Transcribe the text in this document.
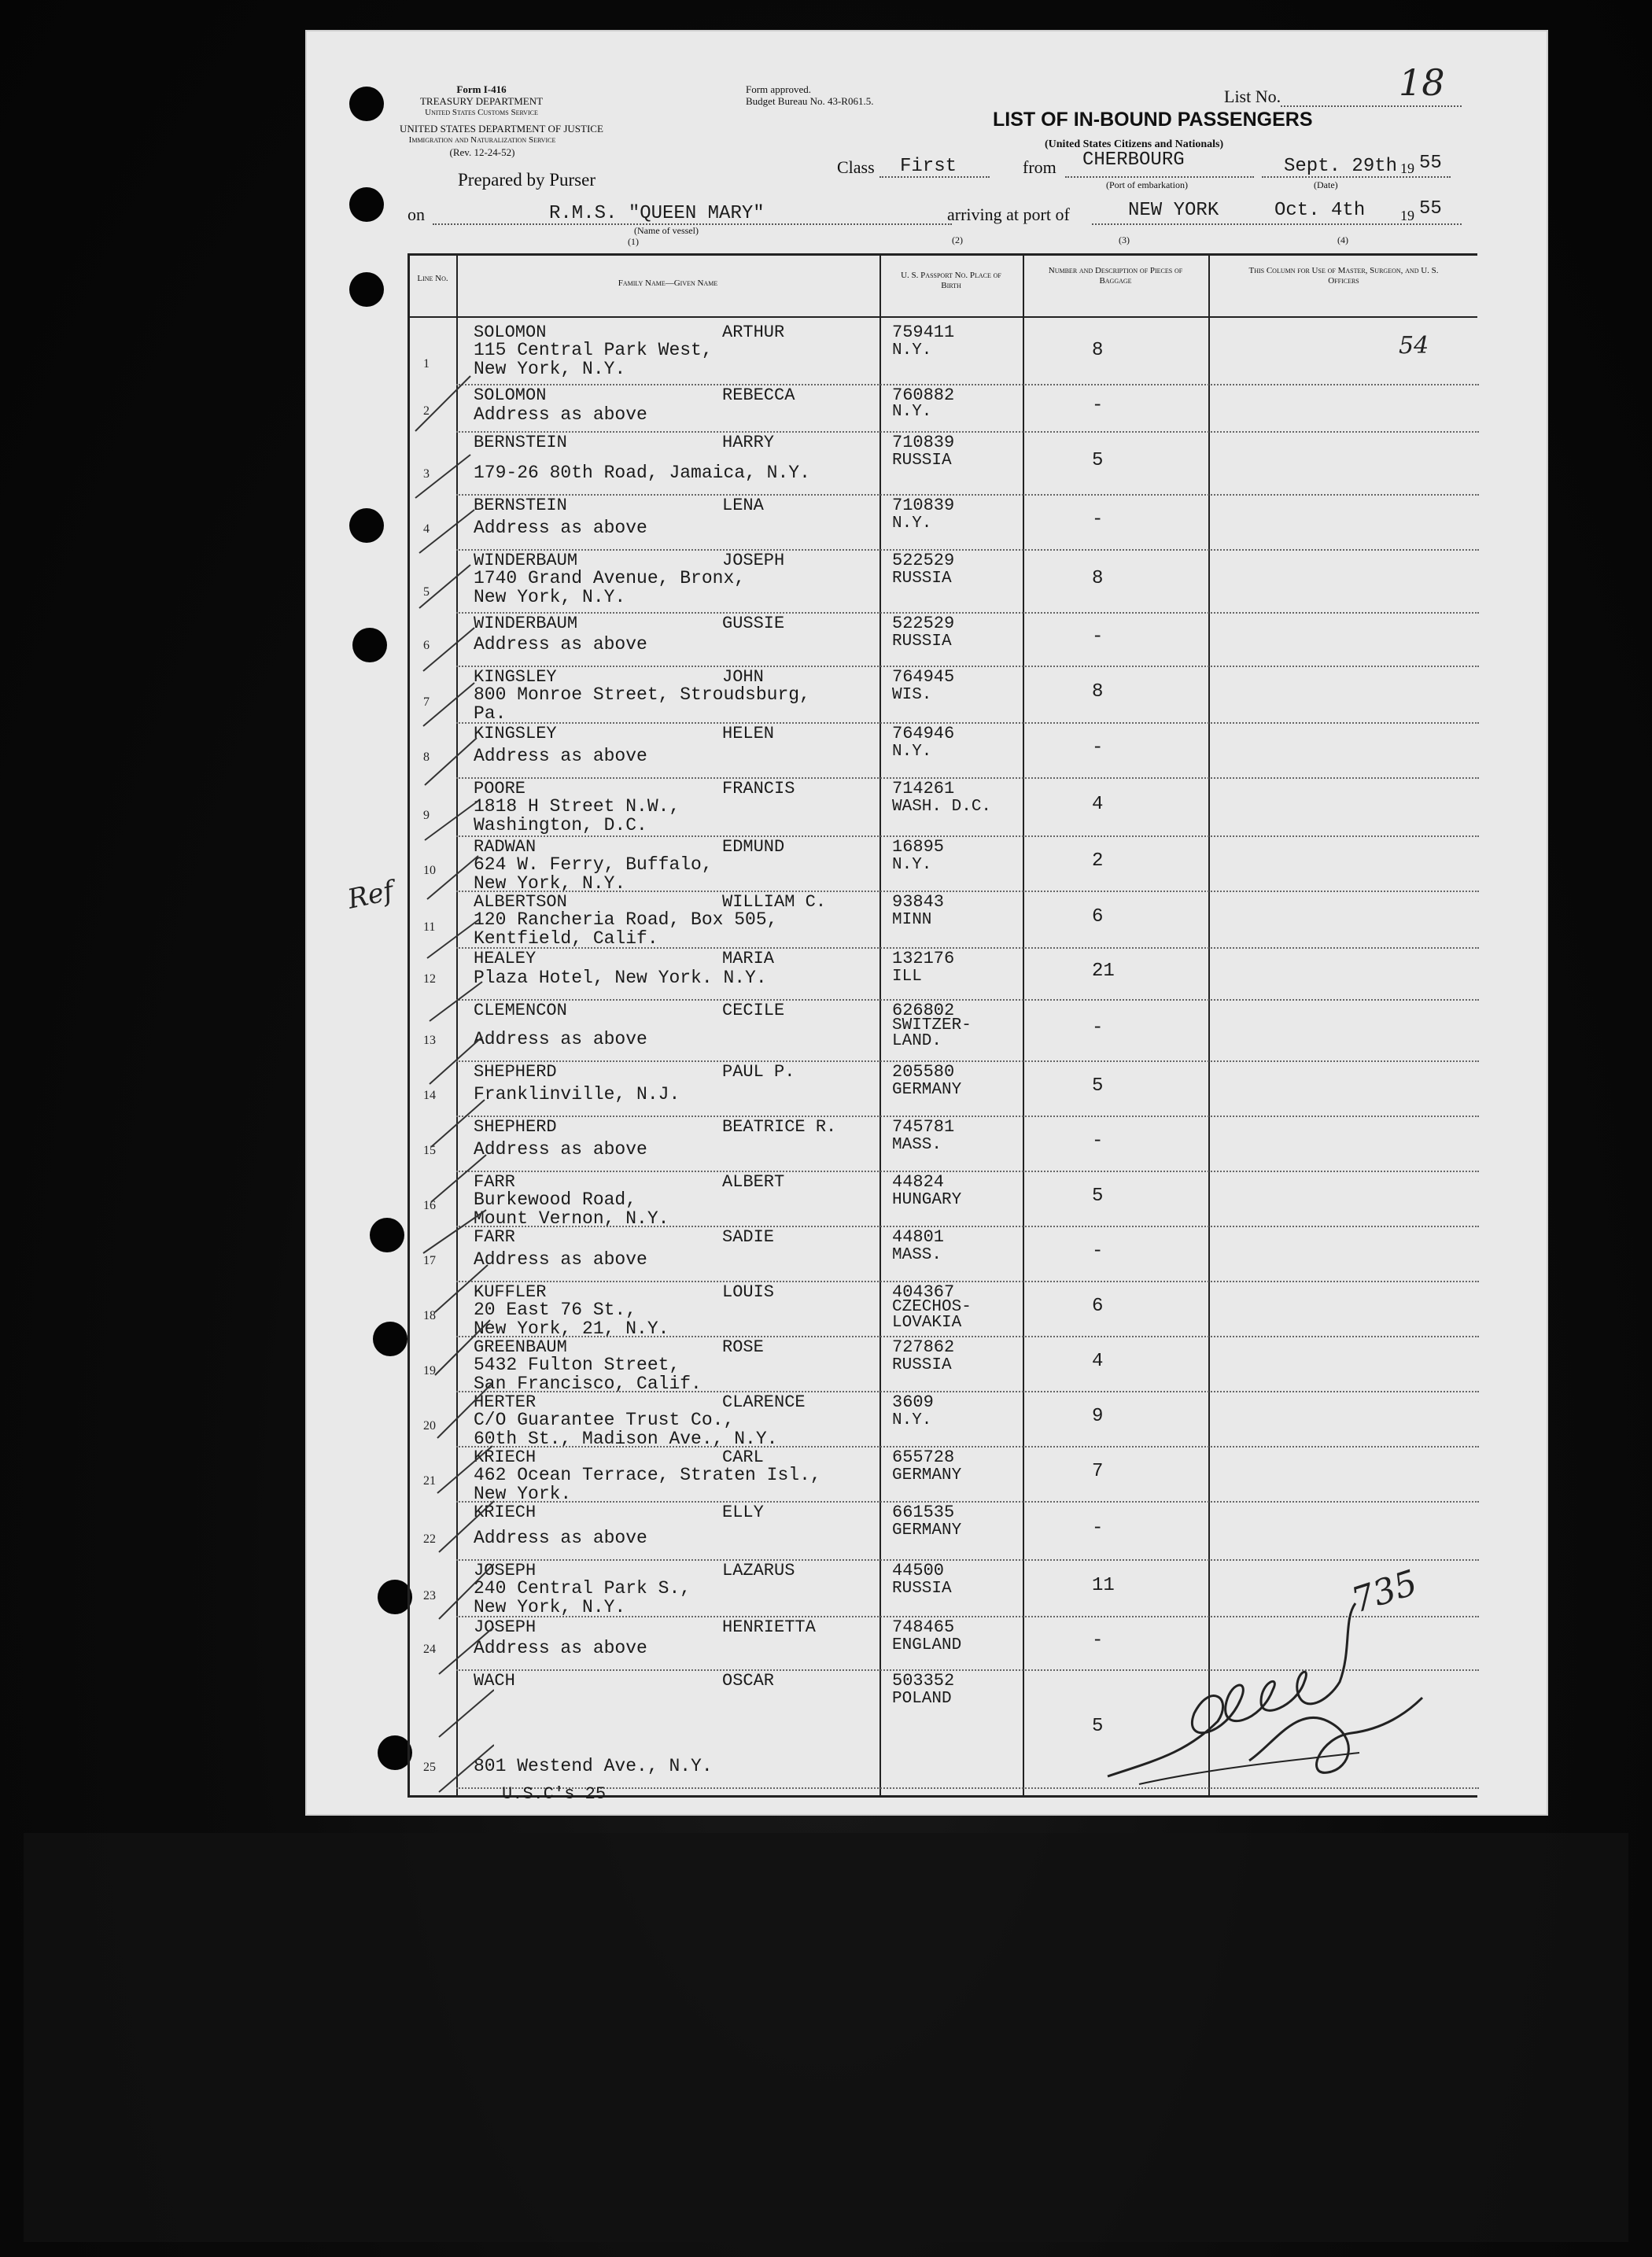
Form I-416
TREASURY DEPARTMENT
United States Customs Service
UNITED STATES DEPARTMENT OF JUSTICE
Immigration and Naturalization Service
(Rev. 12-24-52)
Form approved.
Budget Bureau No. 43-R061.5.	List No.	18
LIST OF IN-BOUND PASSENGERS
(United States Citizens and Nationals)
Prepared by Purser
Class First	from CHERBOURG
(Port of embarkation)
Sept. 29th 19 55
(Date)
on	R.M.S. "QUEEN MARY"
(Name of vessel)
(1)	(2)	(3)	(4)
arriving at port of	NEW YORK	Oct. 4th 19 55
Line No.	Family Name—Given Name
U. S. Passport No. Place of Birth
Number and Description of Pieces of Baggage
This Column for Use of Master, Surgeon, and U. S. Officers
1
SOLOMON	ARTHUR
115 Central Park West,
New York, N.Y.
759411
N.Y.	8	54
2
SOLOMON	REBECCA
Address as above
760882
N.Y.	-
3
BERNSTEIN	HARRY
179-26 80th Road, Jamaica, N.Y.
710839
RUSSIA	5
4
BERNSTEIN	LENA
Address as above
710839
N.Y.	-
5
WINDERBAUM	JOSEPH
1740 Grand Avenue, Bronx,
New York, N.Y.
522529
RUSSIA	8
6
WINDERBAUM	GUSSIE
Address as above
522529
RUSSIA	-
7
KINGSLEY	JOHN
800 Monroe Street, Stroudsburg,
Pa.
764945
WIS.	8
8
KINGSLEY	HELEN
Address as above
764946
N.Y.	-
9
POORE	FRANCIS
1818 H Street N.W.,
Washington, D.C.
714261
WASH. D.C.	4
10
RADWAN	EDMUND
624 W. Ferry, Buffalo,
New York, N.Y.
16895
N.Y.	2
11
ALBERTSON	WILLIAM C.
120 Rancheria Road, Box 505,
Kentfield, Calif.
93843
MINN	6
12
HEALEY	MARIA
Plaza Hotel, New York. N.Y.
132176
ILL	21
13
CLEMENCON	CECILE
Address as above
626802
SWITZER-LAND.
-
14
SHEPHERD	PAUL P.
Franklinville, N.J.
205580
GERMANY	5
15
SHEPHERD	BEATRICE R.
Address as above
745781
MASS.	-
16
FARR	ALBERT
Burkewood Road,
Mount Vernon, N.Y.
44824
HUNGARY	5
17
FARR	SADIE
Address as above
44801
MASS.	-
18
KUFFLER	LOUIS
20 East 76 St.,
New York, 21, N.Y.
404367
CZECHOS-LOVAKIA
6
19
GREENBAUM	ROSE
5432 Fulton Street,
San Francisco, Calif.
727862
RUSSIA	4
20
HERTER	CLARENCE
C/O Guarantee Trust Co.,
60th St., Madison Ave., N.Y.
3609
N.Y.	9
21
KRIECH	CARL
462 Ocean Terrace, Straten Isl.,
New York.
655728
GERMANY	7
22
KRIECH	ELLY
Address as above
661535
GERMANY	-
23
JOSEPH	LAZARUS
240 Central Park S.,
New York, N.Y.
44500
RUSSIA	11
24
JOSEPH	HENRIETTA
Address as above
748465
ENGLAND	-
25
WACH	OSCAR
801 Westend Ave., N.Y.
503352
POLAND
5
U.S.C's 25
Ref
735
